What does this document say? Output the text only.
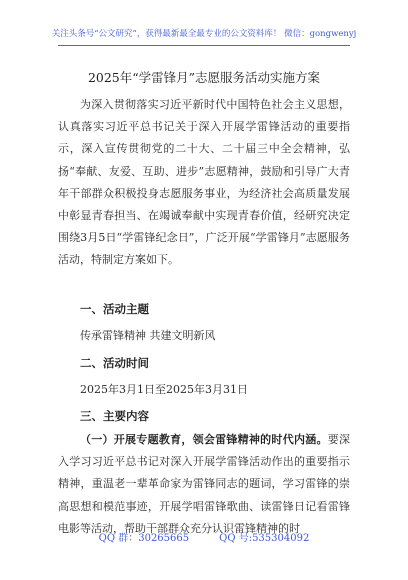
关注头条号“公文研究”，获得最新最全最专业的公文资料库！ 微信：gongwenyj
2025年“学雷锋月”志愿服务活动实施方案
为深入贯彻落实习近平新时代中国特色社会主义思想，认真落实习近平总书记关于深入开展学雷锋活动的重要指示，深入宣传贯彻党的二十大、二十届三中全会精神，弘扬“奉献、友爱、互助、进步”志愿精神，鼓励和引导广大青年干部群众积极投身志愿服务事业，为经济社会高质量发展中彰显青春担当、在竭诚奉献中实现青春价值，经研究决定围绕3月5日“学雷锋纪念日”，广泛开展“学雷锋月”志愿服务活动，特制定方案如下。
一、活动主题
传承雷锋精神 共建文明新风
二、活动时间
2025年3月1日至2025年3月31日
三、主要内容
（一）开展专题教育，领会雷锋精神的时代内涵。要深入学习习近平总书记对深入开展学雷锋活动作出的重要指示精神，重温老一辈革命家为雷锋同志的题词，学习雷锋的崇高思想和模范事迹，开展学唱雷锋歌曲、读雷锋日记看雷锋电影等活动，帮助干部群众充分认识雷锋精神的时
QQ 群：30265665	QQ 号:535304092
